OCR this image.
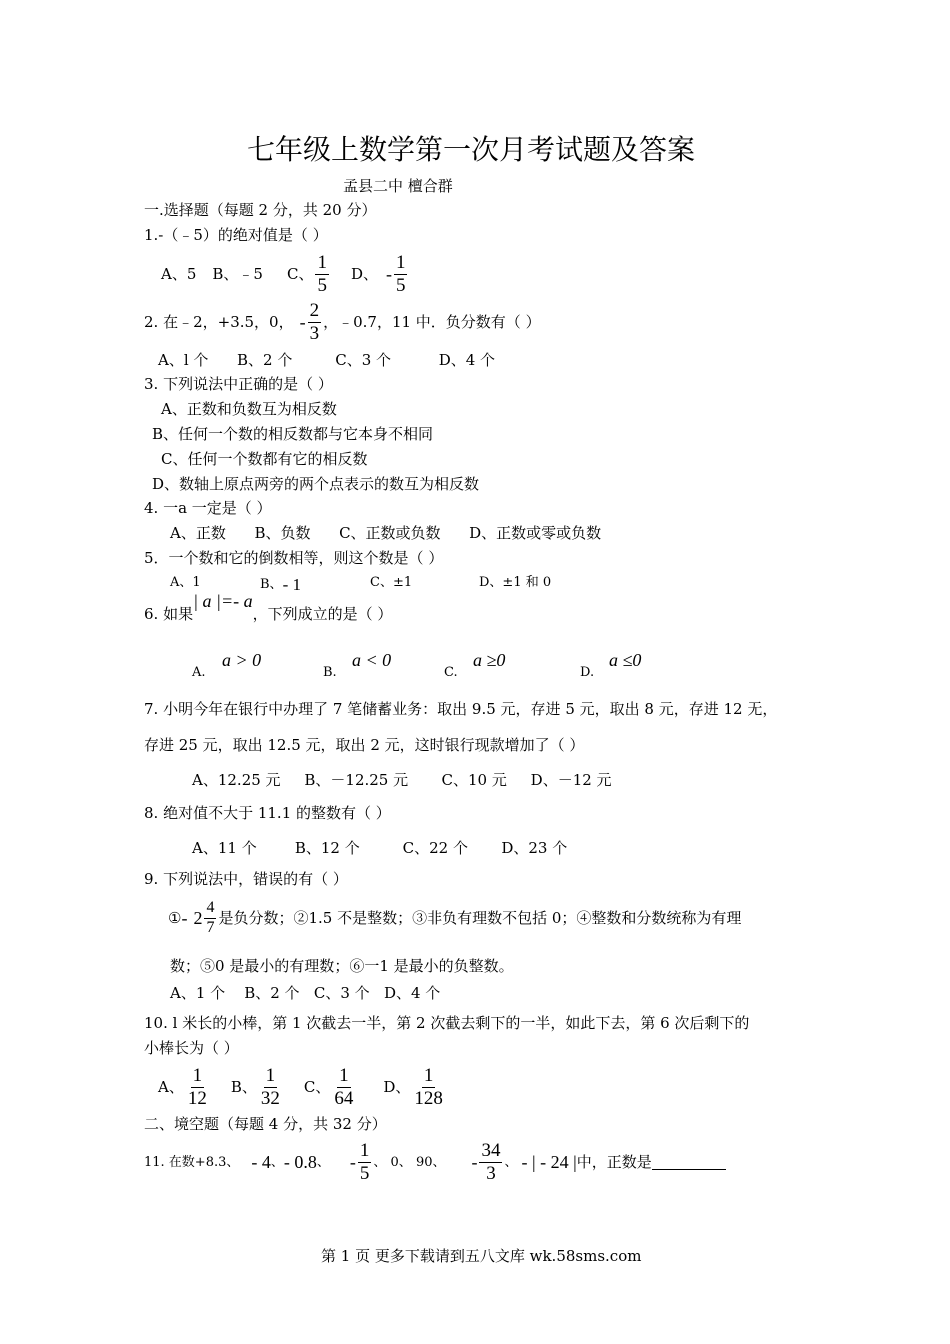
七年级上数学第一次月考试题及答案
孟县二中 檀合群
一.选择题（每题 2 分，共 20 分）
1.-（﹣5）的绝对值是（ ）
A、5 B、﹣5 C、 $\frac{1}{5}$ D、 - $\frac{1}{5}$
2. 在﹣2，+3.5，0， - $\frac{2}{3}$ ，﹣0.7，11 中．负分数有（ ）
A、l 个      B、2 个         C、3 个          D、4 个
3. 下列说法中正确的是（ ）
A、正数和负数互为相反数
B、任何一个数的相反数都与它本身不相同
C、任何一个数都有它的相反数
D、数轴上原点两旁的两个点表示的数互为相反数
4. 一a 一定是（ ）
A、正数      B、负数      C、正数或负数      D、正数或零或负数
5．一个数和它的倒数相等，则这个数是（ ）
A、1	B、 - 1	C、±1	D、±1 和 0
6. 如果
| a |=- a
，下列成立的是（ ）
A.
a > 0
B.
a < 0
C.
a ≥0
D.
a ≤0
7. 小明今年在银行中办理了 7 笔储蓄业务：取出 9.5 元，存进 5 元，取出 8 元，存进 12 无，
存进 25 元，取出 12.5 元，取出 2 元，这时银行现款增加了（ ）
A、12.25 元     B、－12.25 元       C、10 元     D、－12 元
8. 绝对值不大于 11.1 的整数有（ ）
A、11 个        B、12 个         C、22 个       D、23 个
9. 下列说法中，错误的有（ ）
① - $2 \frac{4}{7}$ 是负分数；②1.5 不是整数；③非负有理数不包括 0；④整数和分数统称为有理
数；⑤0 是最小的有理数；⑥一1 是最小的负整数。
A、1 个    B、2 个   C、3 个   D、4 个
10. l 米长的小棒，第 1 次截去一半，第 2 次截去剩下的一半，如此下去，第 6 次后剩下的
小棒长为（ ）
A、 $\frac{1}{12}$ B、 $\frac{1}{32}$ C、 $\frac{1}{64}$ D、 $\frac{1}{128}$
二、境空题（每题 4 分，共 32 分）
11. 在数+8.3、 - 4 、 - 0.8 、 - $\frac{1}{5}$ 、 0、 90、 - $\frac{34}{3}$ 、 - | - 24 | 中，正数是
第 1 页 更多下载请到五八文库 wk.58sms.com
